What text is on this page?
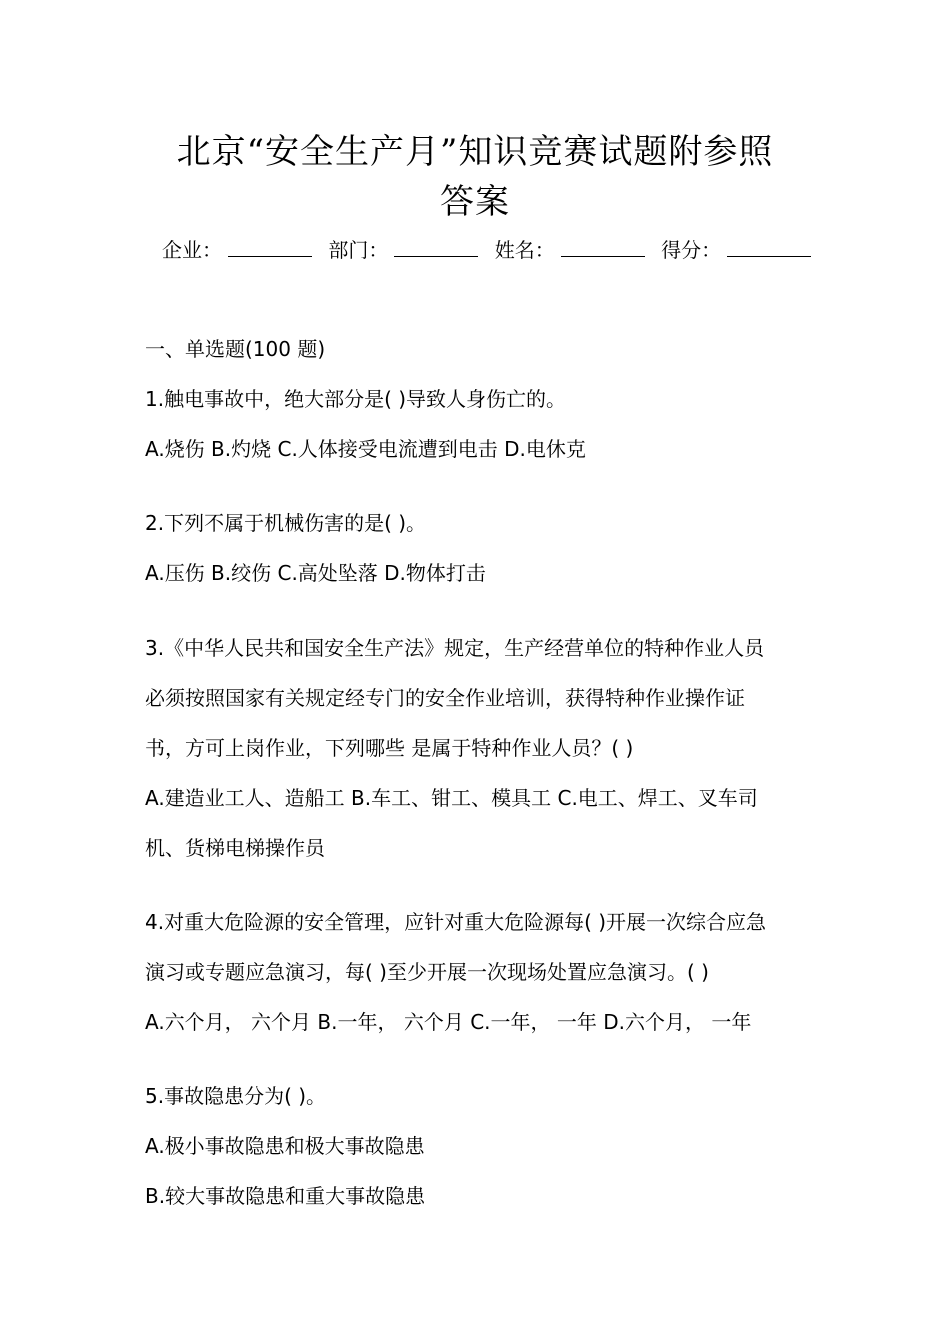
北京“安全生产月”知识竞赛试题附参照
答案
企业：	部门：	姓名：	得分：
一、单选题(100 题)
1.触电事故中，绝大部分是( )导致人身伤亡的。
A.烧伤 B.灼烧 C.人体接受电流遭到电击 D.电休克
2.下列不属于机械伤害的是( )。
A.压伤 B.绞伤 C.高处坠落 D.物体打击
3.《中华人民共和国安全生产法》规定，生产经营单位的特种作业人员
必须按照国家有关规定经专门的安全作业培训，获得特种作业操作证
书，方可上岗作业，下列哪些 是属于特种作业人员？( )
A.建造业工人、造船工 B.车工、钳工、模具工 C.电工、焊工、叉车司
机、货梯电梯操作员
4.对重大危险源的安全管理，应针对重大危险源每( )开展一次综合应急
演习或专题应急演习，每( )至少开展一次现场处置应急演习。( )
A.六个月， 六个月 B.一年， 六个月 C.一年， 一年 D.六个月， 一年
5.事故隐患分为( )。
A.极小事故隐患和极大事故隐患
B.较大事故隐患和重大事故隐患
